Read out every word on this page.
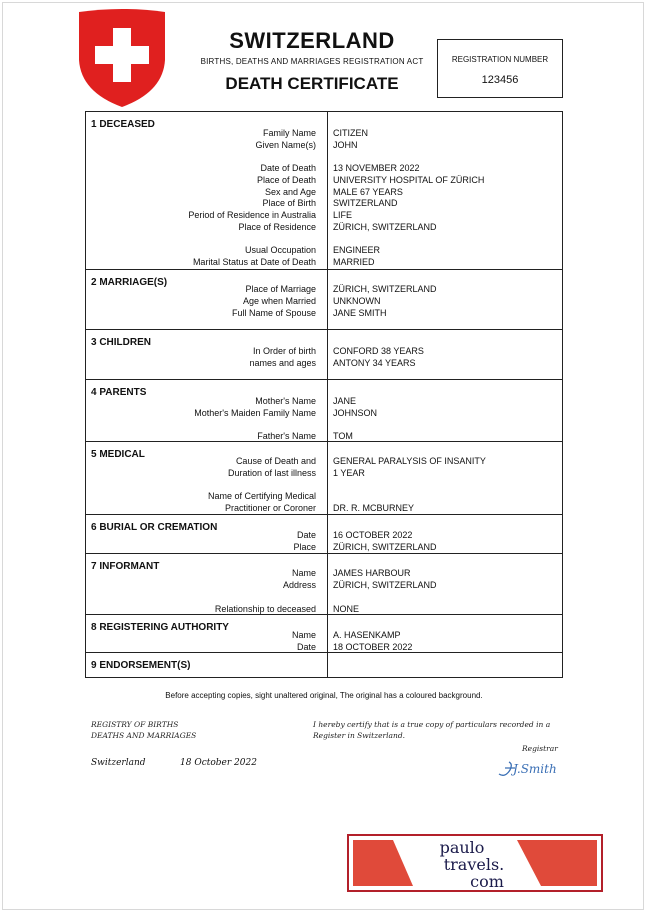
SWITZERLAND
BIRTHS, DEATHS AND MARRIAGES REGISTRATION ACT
DEATH CERTIFICATE
REGISTRATION NUMBER
123456
1 DECEASED
Family Name	CITIZEN
Given Name(s)	JOHN
Date of Death	13 NOVEMBER 2022
Place of Death	UNIVERSITY HOSPITAL OF ZÜRICH
Sex and Age	MALE 67 YEARS
Place of Birth	SWITZERLAND
Period of Residence in Australia	LIFE
Place of Residence	ZÜRICH, SWITZERLAND
Usual Occupation	ENGINEER
Marital Status at Date of Death	MARRIED
2 MARRIAGE(S)
Place of Marriage	ZÜRICH, SWITZERLAND
Age when Married	UNKNOWN
Full Name of Spouse	JANE SMITH
3 CHILDREN
In Order of birth	CONFORD 38 YEARS
names and ages	ANTONY 34 YEARS
4 PARENTS
Mother's Name	JANE
Mother's Maiden Family Name	JOHNSON
Father's Name	TOM
5 MEDICAL
Cause of Death and	GENERAL PARALYSIS OF INSANITY
Duration of last illness	1 YEAR
Name of Certifying Medical
Practitioner or Coroner	DR. R. MCBURNEY
6 BURIAL OR CREMATION
Date	16 OCTOBER 2022
Place	ZÜRICH, SWITZERLAND
7 INFORMANT
Name	JAMES HARBOUR
Address	ZÜRICH, SWITZERLAND
Relationship to deceased	NONE
8 REGISTERING AUTHORITY
Name	A. HASENKAMP
Date	18 OCTOBER 2022
9 ENDORSEMENT(S)
Before accepting copies, sight unaltered original, The original has a coloured background.
REGISTRY OF BIRTHS
DEATHS AND MARRIAGES
I hereby certify that is a true copy of particulars recorded in a
Register in Switzerland.
Registrar
Switzerland	18 October 2022	J.Smith
paulo
travels.
com
